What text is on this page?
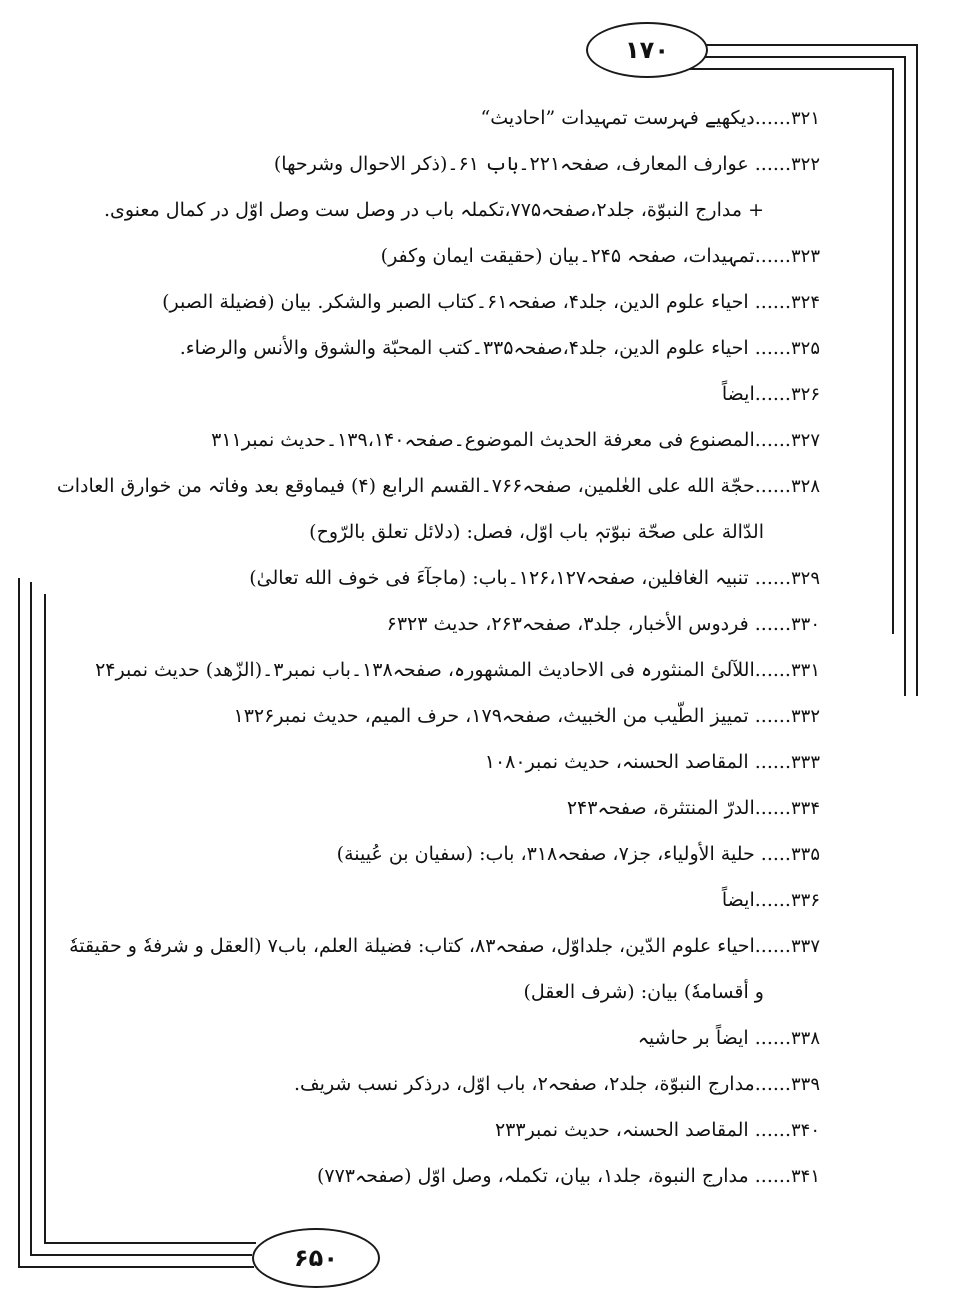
۱۷۰
۶۵۰
۳۲۱......دیکھیے فہرست تمہیدات ”احادیث“
۳۲۲...... عوارف المعارف، صفحہ۲۲۱۔باب ۶۱۔(ذکر الاحوال وشرحها)
+ مدارج النبوّة، جلد۲،صفحہ۷۷۵،تکملہ باب در وصل ست وصل اوّل در کمال معنوی.
۳۲۳......تمہیدات، صفحہ ۲۴۵۔بیان (حقیقت ایمان وکفر)
۳۲۴...... احیاء علوم الدین، جلد۴، صفحہ۶۱۔کتاب الصبر والشکر. بیان (فضیلة الصبر)
۳۲۵...... احیاء علوم الدین، جلد۴،صفحہ۳۳۵۔کتب المحبّة والشوق والأنس والرضاء.
۳۲۶......ایضاً
۳۲۷......المصنوع فی معرفة الحدیث الموضوع۔صفحہ۱۳۹،۱۴۰۔حدیث نمبر۳۱۱
۳۲۸......حجّة الله علی العٰلمین، صفحہ۷۶۶۔القسم الرابع (۴) فیماوقع بعد وفاتہ من خوارق العادات
الدّالة علی صحّة نبوّتہٖ باب اوّل، فصل: (دلائل تعلق بالرّوح)
۳۲۹...... تنبیہ الغافلین، صفحہ۱۲۶،۱۲۷۔باب: (ماجآءَ فی خوف الله تعالیٰ)
۳۳۰...... فردوس الأخبار، جلد۳، صفحہ۲۶۳، حدیث ۶۳۲۳
۳۳۱......اللآلیٔ المنثورہ فی الاحادیث المشهورہ، صفحہ۱۳۸۔باب نمبر۳۔(الزّهد) حدیث نمبر۲۴
۳۳۲...... تمییز الطّیب من الخبیث، صفحہ۱۷۹، حرف المیم، حدیث نمبر۱۳۲۶
۳۳۳...... المقاصد الحسنہ، حدیث نمبر۱۰۸۰
۳۳۴......الدرّ المنتثرة، صفحہ۲۴۳
۳۳۵..... حلیة الأولیاء، جز۷، صفحہ۳۱۸، باب: (سفیان بن عُیینة)
۳۳۶......ایضاً
۳۳۷......احیاء علوم الدّین، جلداوّل، صفحہ۸۳، کتاب: فضیلة العلم، باب۷ (العقل و شرفهٗ و حقیقتهٗ
و أقسامهٗ) بیان: (شرف العقل)
۳۳۸...... ایضاً بر حاشیہ
۳۳۹......مدارج النبوّة، جلد۲، صفحہ۲، باب اوّل، درذکر نسب شریف.
۳۴۰...... المقاصد الحسنہ، حدیث نمبر۲۳۳
۳۴۱...... مدارج النبوة، جلد۱، بیان، تکملہ، وصل اوّل (صفحہ۷۷۳)
